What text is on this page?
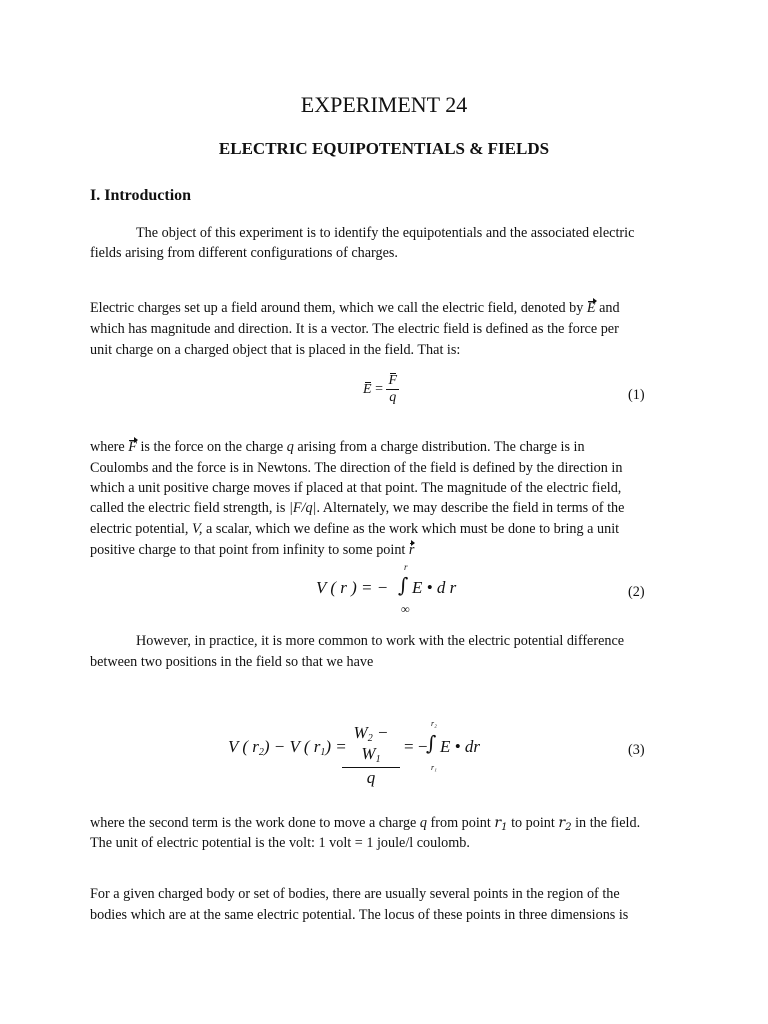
EXPERIMENT 24
ELECTRIC EQUIPOTENTIALS & FIELDS
I. Introduction
The object of this experiment is to identify the equipotentials and the associated electric
fields arising from different configurations of charges.
Electric charges set up a field around them, which we call the electric field, denoted by E and
which has magnitude and direction. It is a vector. The electric field is defined as the force per
unit charge on a charged object that is placed in the field. That is:
$E = \frac{F}{q}$	(1)
where F is the force on the charge q arising from a charge distribution. The charge is in
Coulombs and the force is in Newtons. The direction of the field is defined by the direction in
which a unit positive charge moves if placed at that point. The magnitude of the electric field,
called the electric field strength, is |F/q|. Alternately, we may describe the field in terms of the
electric potential, V, a scalar, which we define as the work which must be done to bring a unit
positive charge to that point from infinity to some point r
V ( r ) = −
r
∫ E • d r
∞
(2)
However, in practice, it is more common to work with the electric potential difference
between two positions in the field so that we have
V ( $r_2) - V$ ( $r_1$) =
$\frac{W_2 - W_1}{q}$ = −
r₂
∫ E • dr
r₁
(3)
where the second term is the work done to move a charge q from point $r_1$ to point $r_2$ in the field.
The unit of electric potential is the volt: 1 volt = 1 joule/l coulomb.
For a given charged body or set of bodies, there are usually several points in the region of the
bodies which are at the same electric potential. The locus of these points in three dimensions is
